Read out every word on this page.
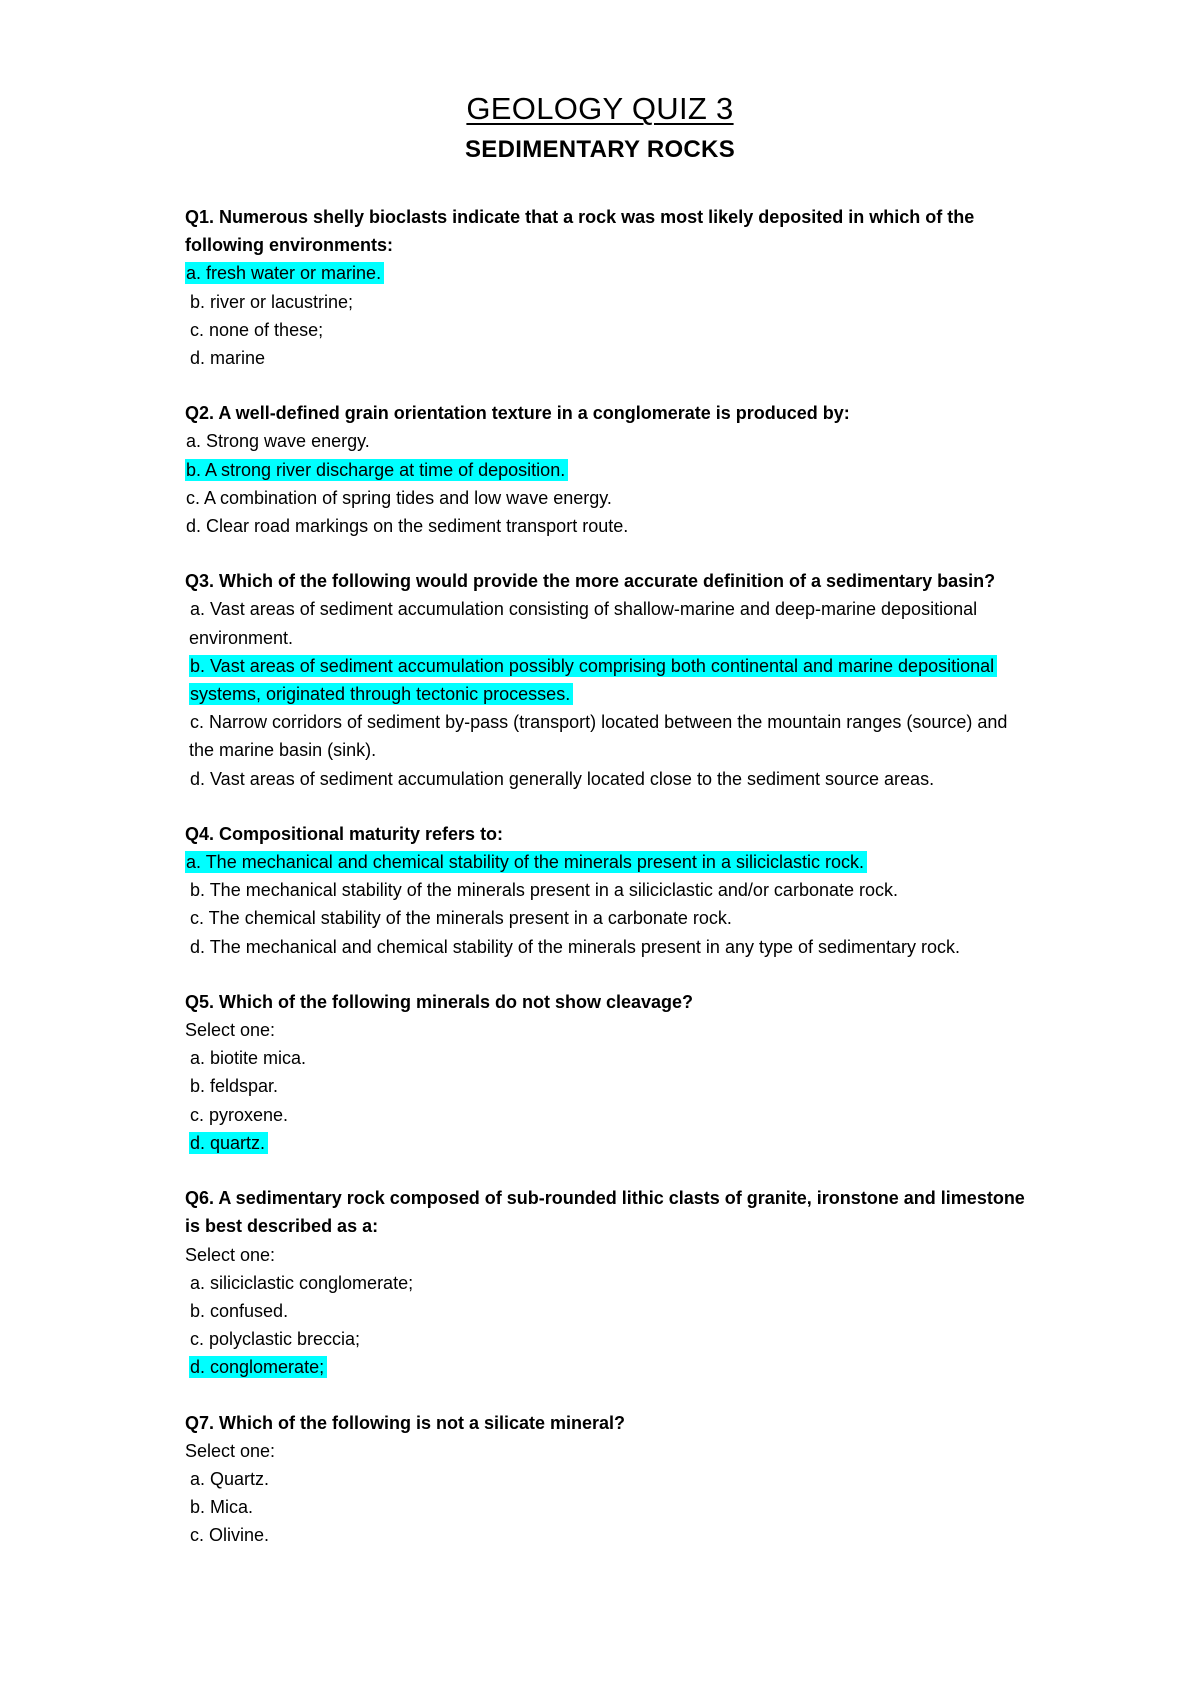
GEOLOGY QUIZ 3
SEDIMENTARY ROCKS

Q1. Numerous shelly bioclasts indicate that a rock was most likely deposited in which of the following environments:

a. fresh water or marine.

b. river or lacustrine;

c. none of these;

d. marine

Q2. A well-defined grain orientation texture in a conglomerate is produced by:

a. Strong wave energy.

b. A strong river discharge at time of deposition.

c. A combination of spring tides and low wave energy.

d. Clear road markings on the sediment transport route.

Q3. Which of the following would provide the more accurate definition of a sedimentary basin?

a. Vast areas of sediment accumulation consisting of shallow-marine and deep-marine depositional environment.

b. Vast areas of sediment accumulation possibly comprising both continental and marine depositional systems, originated through tectonic processes.

c. Narrow corridors of sediment by-pass (transport) located between the mountain ranges (source) and the marine basin (sink).

d. Vast areas of sediment accumulation generally located close to the sediment source areas.

Q4. Compositional maturity refers to:

a. The mechanical and chemical stability of the minerals present in a siliciclastic rock.

b. The mechanical stability of the minerals present in a siliciclastic and/or carbonate rock.

c. The chemical stability of the minerals present in a carbonate rock.

d. The mechanical and chemical stability of the minerals present in any type of sedimentary rock.

Q5. Which of the following minerals do not show cleavage?

Select one:

a. biotite mica.

b. feldspar.

c. pyroxene.

d. quartz.

Q6. A sedimentary rock composed of sub-rounded lithic clasts of granite, ironstone and limestone is best described as a:

Select one:

a. siliciclastic conglomerate;

b. confused.

c. polyclastic breccia;

d. conglomerate;

Q7. Which of the following is not a silicate mineral?

Select one:

a. Quartz.

b. Mica.

c. Olivine.
